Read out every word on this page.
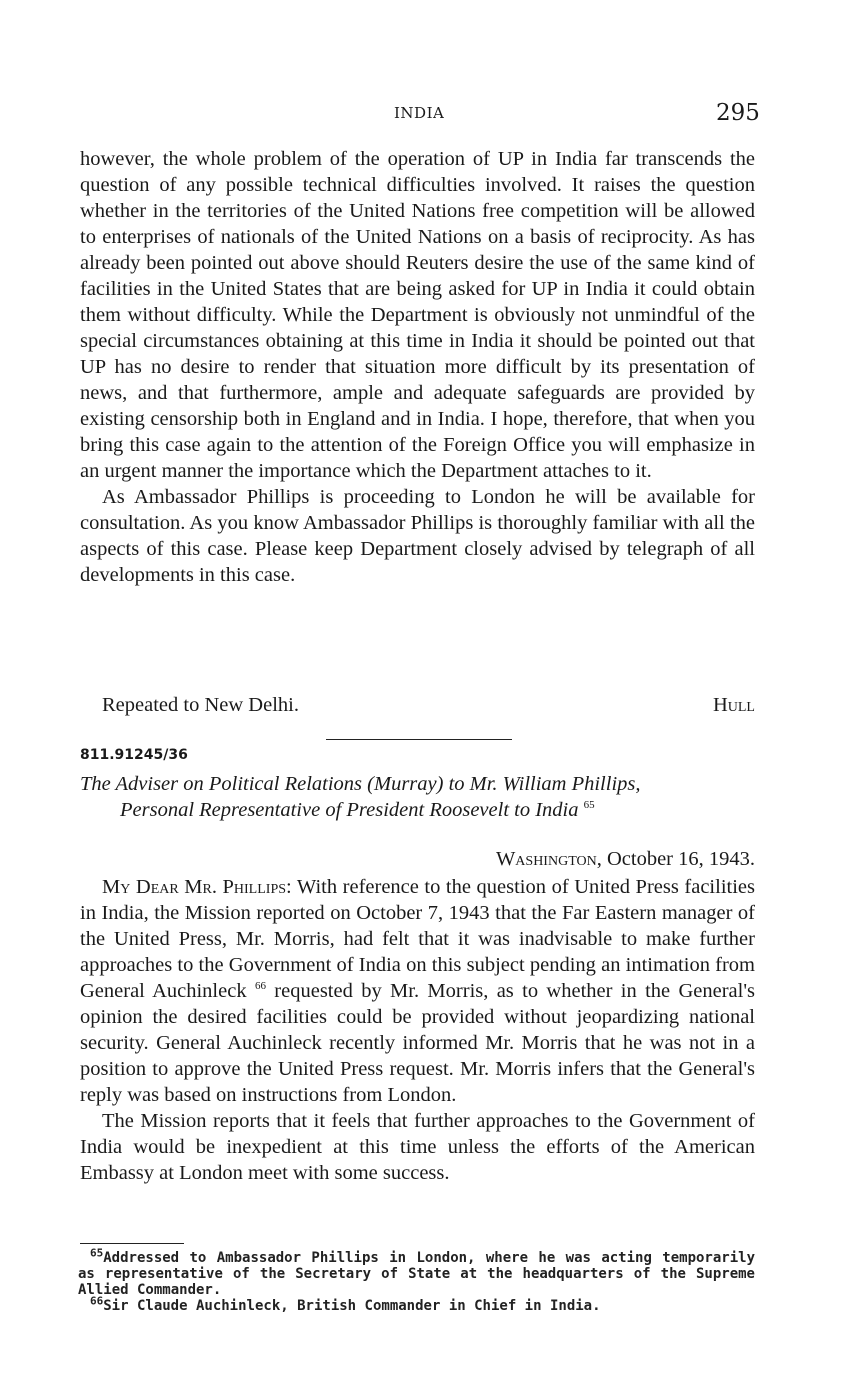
INDIA	295

however, the whole problem of the operation of UP in India far transcends the question of any possible technical difficulties involved. It raises the question whether in the territories of the United Nations free competition will be allowed to enterprises of nationals of the United Nations on a basis of reciprocity. As has already been pointed out above should Reuters desire the use of the same kind of facilities in the United States that are being asked for UP in India it could obtain them without difficulty. While the Department is obviously not unmindful of the special circumstances obtaining at this time in India it should be pointed out that UP has no desire to render that situation more difficult by its presentation of news, and that furthermore, ample and adequate safeguards are provided by existing censorship both in England and in India. I hope, therefore, that when you bring this case again to the attention of the Foreign Office you will emphasize in an urgent manner the importance which the Department attaches to it.

As Ambassador Phillips is proceeding to London he will be available for consultation. As you know Ambassador Phillips is thoroughly familiar with all the aspects of this case. Please keep Department closely advised by telegraph of all developments in this case.

Repeated to New Delhi.	Hull
811.91245/36

The Adviser on Political Relations (Murray) to Mr. William Phillips,

Personal Representative of President Roosevelt to India $^{65}$

Washington, October 16, 1943.

My Dear Mr. Phillips: With reference to the question of United Press facilities in India, the Mission reported on October 7, 1943 that the Far Eastern manager of the United Press, Mr. Morris, had felt that it was inadvisable to make further approaches to the Government of India on this subject pending an intimation from General Auchinleck $^{66}$ requested by Mr. Morris, as to whether in the General's opinion the desired facilities could be provided without jeopardizing national security. General Auchinleck recently informed Mr. Morris that he was not in a position to approve the United Press request. Mr. Morris infers that the General's reply was based on instructions from London.

The Mission reports that it feels that further approaches to the Government of India would be inexpedient at this time unless the efforts of the American Embassy at London meet with some success.

$^{65}$Addressed to Ambassador Phillips in London, where he was acting temporarily as representative of the Secretary of State at the headquarters of the Supreme Allied Commander.

$^{66}$Sir Claude Auchinleck, British Commander in Chief in India.
